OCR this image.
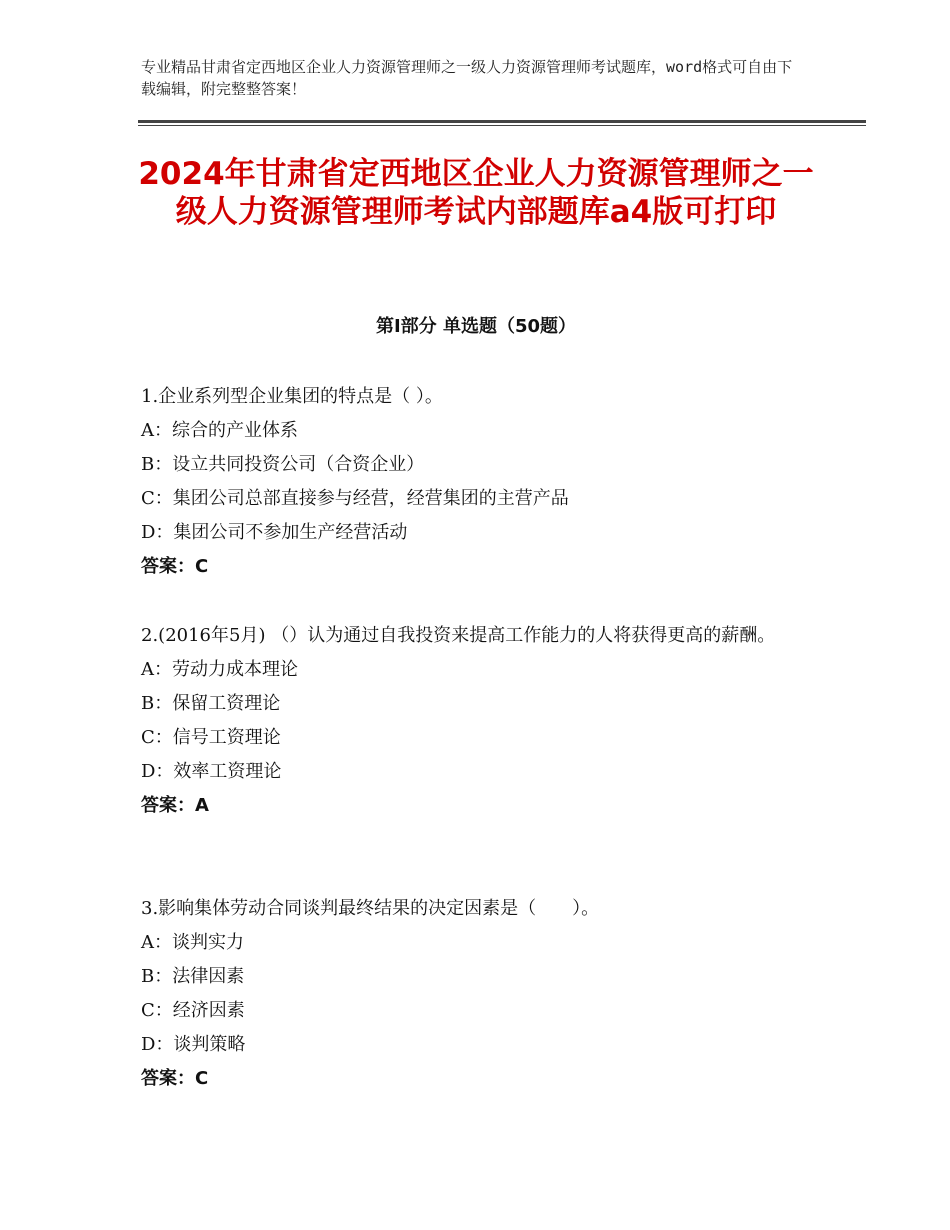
专业精品甘肃省定西地区企业人力资源管理师之一级人力资源管理师考试题库，word格式可自由下载编辑，附完整整答案！
2024年甘肃省定西地区企业人力资源管理师之一级人力资源管理师考试内部题库a4版可打印
第Ⅰ部分 单选题（50题）

1.企业系列型企业集团的特点是（ ）。

A：综合的产业体系

B：设立共同投资公司（合资企业）

C：集团公司总部直接参与经营，经营集团的主营产品

D：集团公司不参加生产经营活动

答案：C

2.(2016年5月) （）认为通过自我投资来提高工作能力的人将获得更高的薪酬。

A：劳动力成本理论

B：保留工资理论

C：信号工资理论

D：效率工资理论

答案：A

3.影响集体劳动合同谈判最终结果的决定因素是（　　）。

A：谈判实力

B：法律因素

C：经济因素

D：谈判策略

答案：C
